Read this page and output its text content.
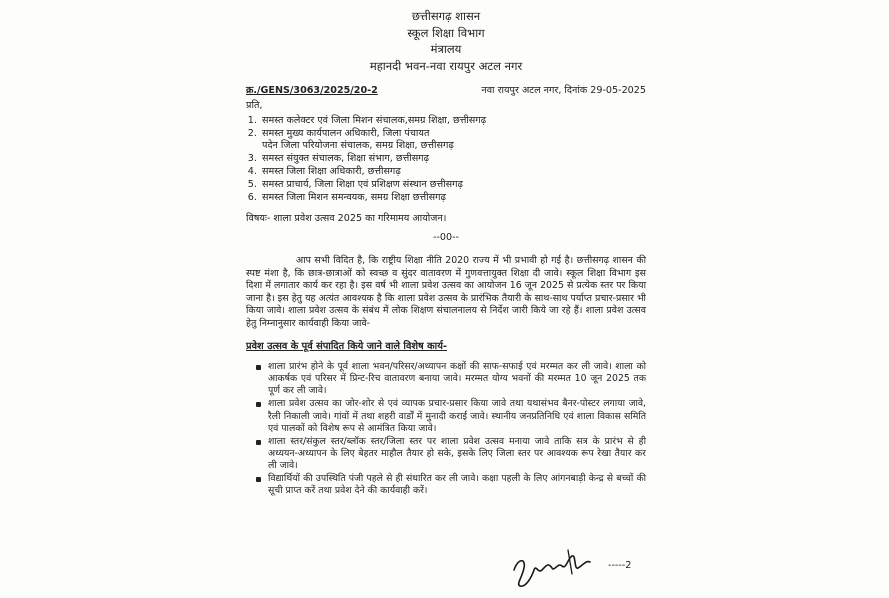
छत्तीसगढ़ शासन
स्कूल शिक्षा विभाग
मंत्रालय
महानदी भवन-नवा रायपुर अटल नगर
क्र./GENS/3063/2025/20-2	नवा रायपुर अटल नगर, दिनांक 29-05-2025
प्रति,
1. समस्त कलेक्टर एवं जिला मिशन संचालक,समग्र शिक्षा, छत्तीसगढ़
2. समस्त मुख्य कार्यपालन अधिकारी, जिला पंचायत
पदेन जिला परियोजना संचालक, समग्र शिक्षा, छत्तीसगढ़
3. समस्त संयुक्त संचालक, शिक्षा संभाग, छत्तीसगढ़
4. समस्त जिला शिक्षा अधिकारी, छत्तीसगढ़
5. समस्त प्राचार्य, जिला शिक्षा एवं प्रशिक्षण संस्थान छत्तीसगढ़
6. समस्त जिला मिशन समन्वयक, समग्र शिक्षा छत्तीसगढ़
विषयः- शाला प्रवेश उत्सव 2025 का गरिमामय आयोजन।
--00--
आप सभी विदित है, कि राष्ट्रीय शिक्षा नीति 2020 राज्य में भी प्रभावी हो गई है। छत्तीसगढ़ शासन की स्पष्ट मंशा है, कि छात्र-छात्राओं को स्वच्छ व सुंदर वातावरण में गुणवत्तायुक्त शिक्षा दी जावे। स्कूल शिक्षा विभाग इस दिशा में लगातार कार्य कर रहा है। इस वर्ष भी शाला प्रवेश उत्सव का आयोजन 16 जून 2025 से प्रत्येक स्तर पर किया जाना है। इस हेतु यह अत्यंत आवश्यक है कि शाला प्रवेश उत्सव के प्रारंभिक तैयारी के साथ-साथ पर्याप्त प्रचार-प्रसार भी किया जावे। शाला प्रवेश उत्सव के संबंध में लोक शिक्षण संचालनालय से निर्देश जारी किये जा रहे हैं। शाला प्रवेश उत्सव हेतु निम्नानुसार कार्यवाही किया जावे-
प्रवेश उत्सव के पूर्व संपादित किये जाने वाले विशेष कार्य-
शाला प्रारंभ होने के पूर्व शाला भवन/परिसर/अध्यापन कक्षों की साफ-सफाई एवं मरम्मत कर ली जावे। शाला को आकर्षक एवं परिसर में प्रिन्ट-रिच वातावरण बनाया जावे। मरम्मत योग्य भवनों की मरम्मत 10 जून 2025 तक पूर्ण कर ली जावे।
शाला प्रवेश उत्सव का जोर-शोर से एवं व्यापक प्रचार-प्रसार किया जावे तथा यथासंभव बैनर-पोस्टर लगाया जावे, रैली निकाली जावे। गांवों में तथा शहरी वार्डों में मुनादी कराई जावे। स्थानीय जनप्रतिनिधि एवं शाला विकास समिति एवं पालकों को विशेष रूप से आमंत्रित किया जावे।
शाला स्तर/संकुल स्तर/ब्लॉक स्तर/जिला स्तर पर शाला प्रवेश उत्सव मनाया जावे ताकि सत्र के प्रारंभ से ही अध्ययन-अध्यापन के लिए बेहतर माहौल तैयार हो सके, इसके लिए जिला स्तर पर आवश्यक रूप रेखा तैयार कर ली जावे।
विद्यार्थियों की उपस्थिति पंजी पहले से ही संधारित कर ली जावे। कक्षा पहली के लिए आंगनबाड़ी केन्द्र से बच्चों की सूची प्राप्त करें तथा प्रवेश देने की कार्यवाही करें।
-----2
